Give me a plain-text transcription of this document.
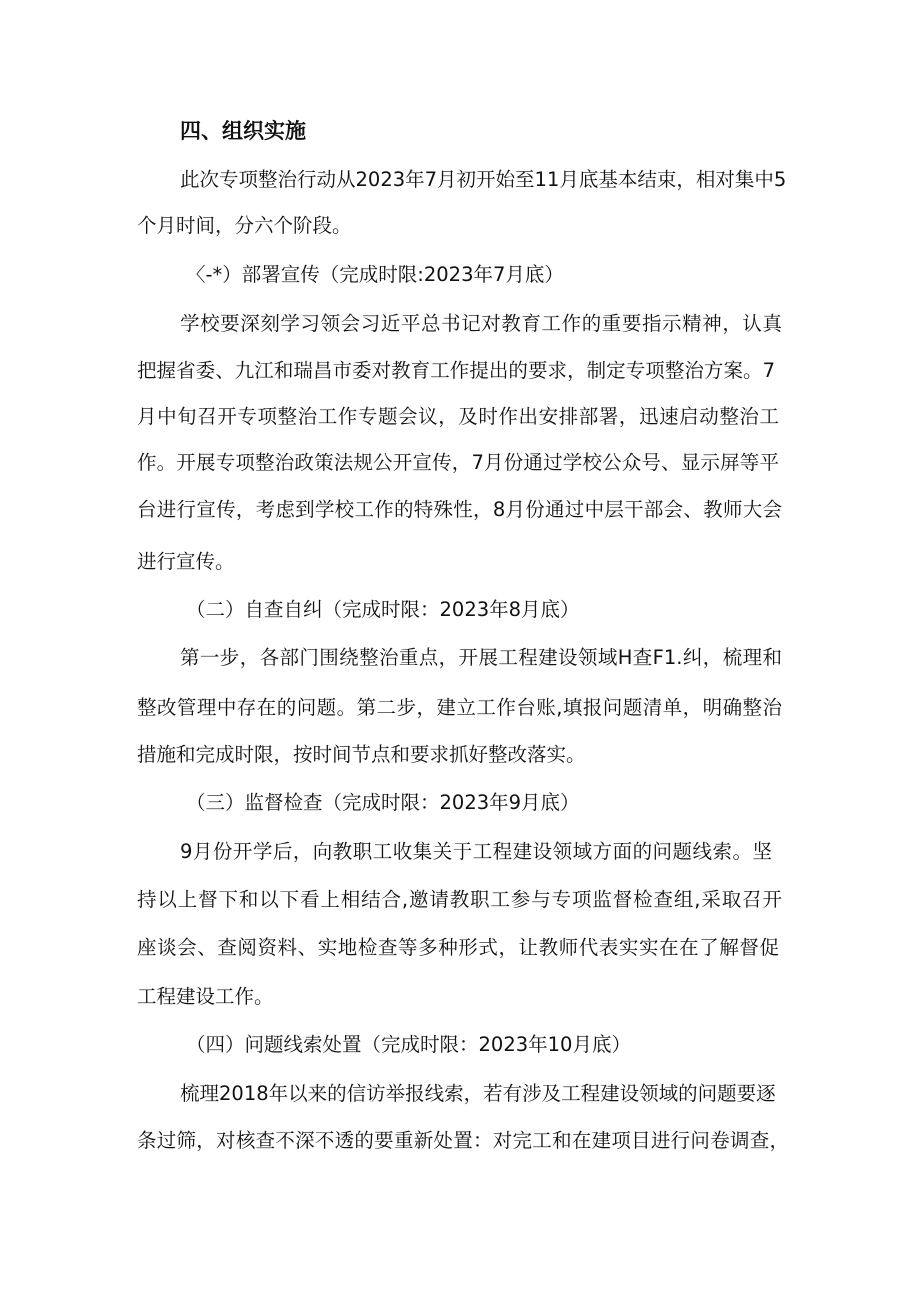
四、组织实施
此次专项整治行动从2023年7月初开始至11月底基本结束，相对集中5
个月时间，分六个阶段。
〈-*）部署宣传（完成时限:2023年7月底）
学校要深刻学习领会习近平总书记对教育工作的重要指示精神，认真
把握省委、九江和瑞昌市委对教育工作提出的要求，制定专项整治方案。7
月中旬召开专项整治工作专题会议，及时作出安排部署，迅速启动整治工
作。开展专项整治政策法规公开宣传，7月份通过学校公众号、显示屏等平
台进行宣传，考虑到学校工作的特殊性，8月份通过中层干部会、教师大会
进行宣传。
（二）自查自纠（完成时限：2023年8月底）
第一步，各部门围绕整治重点，开展工程建设领域H查F1.纠，梳理和
整改管理中存在的问题。第二步，建立工作台账,填报问题清单，明确整治
措施和完成时限，按时间节点和要求抓好整改落实。
（三）监督检查（完成时限：2023年9月底）
9月份开学后，向教职工收集关于工程建设领域方面的问题线索。坚
持以上督下和以下看上相结合,邀请教职工参与专项监督检查组,采取召开
座谈会、查阅资料、实地检查等多种形式，让教师代表实实在在了解督促
工程建设工作。
（四）问题线索处置（完成时限：2023年10月底）
梳理2018年以来的信访举报线索，若有涉及工程建设领域的问题要逐
条过筛，对核查不深不透的要重新处置：对完工和在建项目进行问卷调查，
